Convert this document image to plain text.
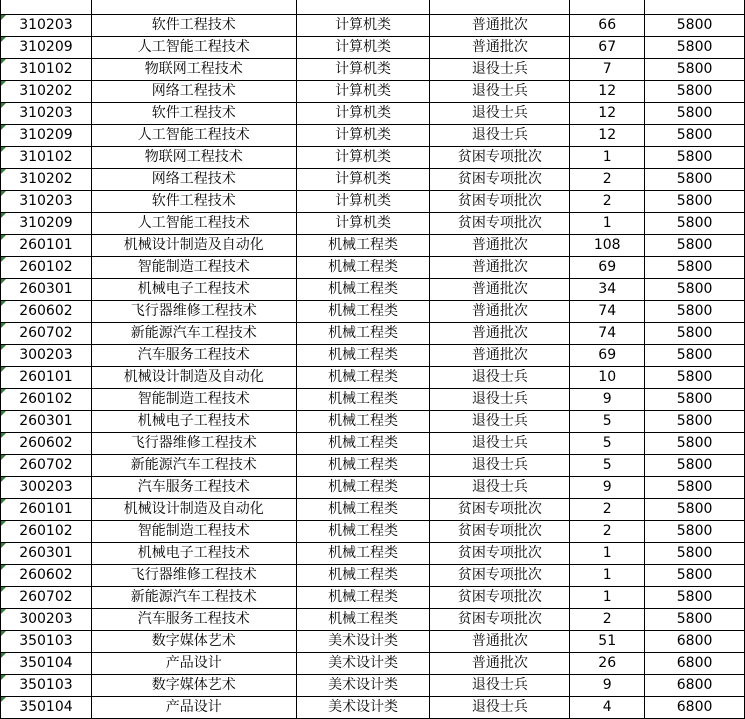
310203	软件工程技术	计算机类	普通批次	66	5800

310209	人工智能工程技术	计算机类	普通批次	67	5800

310102	物联网工程技术	计算机类	退役士兵	7	5800

310202	网络工程技术	计算机类	退役士兵	12	5800

310203	软件工程技术	计算机类	退役士兵	12	5800

310209	人工智能工程技术	计算机类	退役士兵	12	5800

310102	物联网工程技术	计算机类	贫困专项批次	1	5800

310202	网络工程技术	计算机类	贫困专项批次	2	5800

310203	软件工程技术	计算机类	贫困专项批次	2	5800

310209	人工智能工程技术	计算机类	贫困专项批次	1	5800

260101	机械设计制造及自动化	机械工程类	普通批次	108	5800

260102	智能制造工程技术	机械工程类	普通批次	69	5800

260301	机械电子工程技术	机械工程类	普通批次	34	5800

260602	飞行器维修工程技术	机械工程类	普通批次	74	5800

260702	新能源汽车工程技术	机械工程类	普通批次	74	5800

300203	汽车服务工程技术	机械工程类	普通批次	69	5800

260101	机械设计制造及自动化	机械工程类	退役士兵	10	5800

260102	智能制造工程技术	机械工程类	退役士兵	9	5800

260301	机械电子工程技术	机械工程类	退役士兵	5	5800

260602	飞行器维修工程技术	机械工程类	退役士兵	5	5800

260702	新能源汽车工程技术	机械工程类	退役士兵	5	5800

300203	汽车服务工程技术	机械工程类	退役士兵	9	5800

260101	机械设计制造及自动化	机械工程类	贫困专项批次	2	5800

260102	智能制造工程技术	机械工程类	贫困专项批次	2	5800

260301	机械电子工程技术	机械工程类	贫困专项批次	1	5800

260602	飞行器维修工程技术	机械工程类	贫困专项批次	1	5800

260702	新能源汽车工程技术	机械工程类	贫困专项批次	1	5800

300203	汽车服务工程技术	机械工程类	贫困专项批次	2	5800

350103	数字媒体艺术	美术设计类	普通批次	51	6800

350104	产品设计	美术设计类	普通批次	26	6800

350103	数字媒体艺术	美术设计类	退役士兵	9	6800

350104	产品设计	美术设计类	退役士兵	4	6800
